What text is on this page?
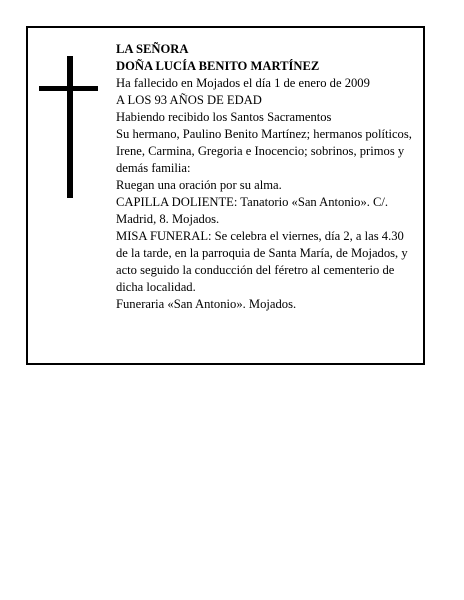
LA SEÑORA

DOÑA LUCÍA BENITO MARTÍNEZ

Ha fallecido en Mojados el día 1 de enero de 2009

A LOS 93 AÑOS DE EDAD

Habiendo recibido los Santos Sacramentos

Su hermano, Paulino Benito Martínez; hermanos políticos, Irene, Carmina, Gregoria e Inocencio; sobrinos, primos y demás familia:

Ruegan una oración por su alma.

CAPILLA DOLIENTE: Tanatorio «San Antonio». C/. Madrid, 8. Mojados.

MISA FUNERAL: Se celebra el viernes, día 2, a las 4.30 de la tarde, en la parroquia de Santa María, de Mojados, y acto seguido la conducción del féretro al cementerio de dicha localidad.

Funeraria «San Antonio». Mojados.
